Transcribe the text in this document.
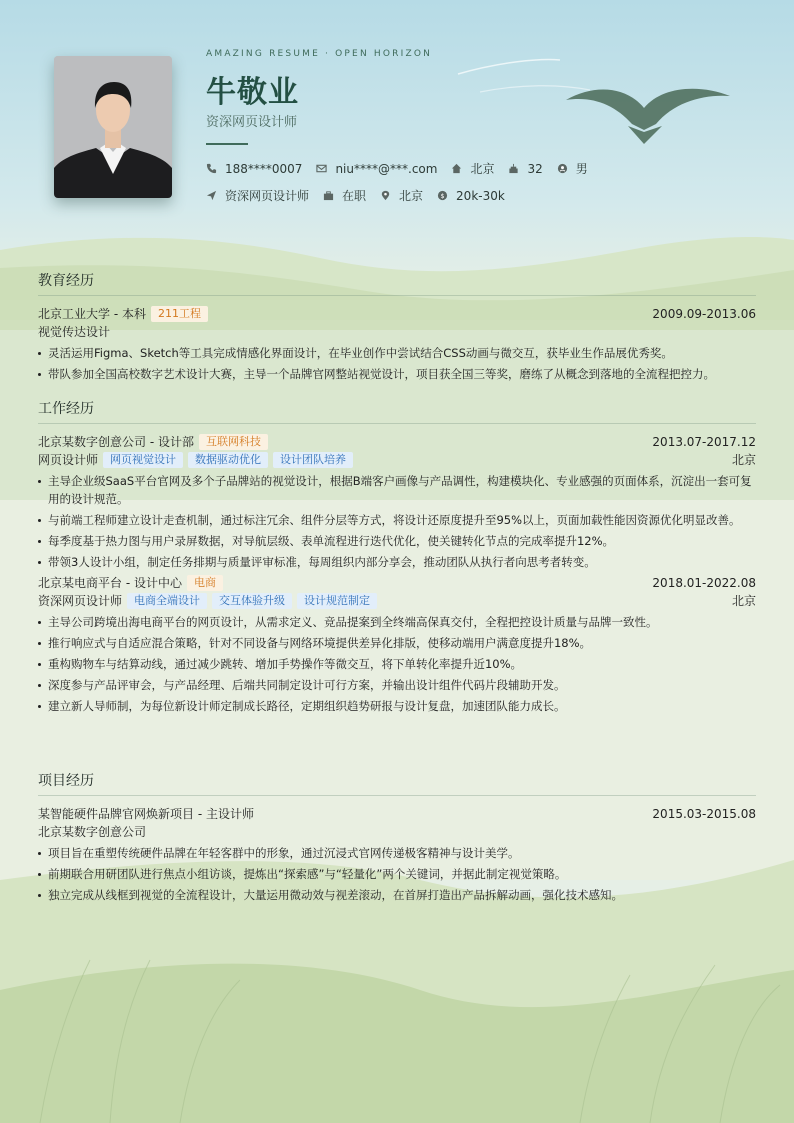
AMAZING RESUME · OPEN HORIZON
牛敬业
资深网页设计师
188****0007	niu****@***.com	北京	32	男
资深网页设计师	在职	北京 $ 20k-30k
教育经历
北京工业大学 - 本科	211工程	2009.09-2013.06
视觉传达设计
灵活运用Figma、Sketch等工具完成情感化界面设计，在毕业创作中尝试结合CSS动画与微交互，获毕业生作品展优秀奖。
带队参加全国高校数字艺术设计大赛，主导一个品牌官网整站视觉设计，项目获全国三等奖，磨练了从概念到落地的全流程把控力。
工作经历
北京某数字创意公司 - 设计部	互联网科技	2013.07-2017.12
网页设计师	网页视觉设计	数据驱动优化	设计团队培养	北京
主导企业级SaaS平台官网及多个子品牌站的视觉设计，根据B端客户画像与产品调性，构建模块化、专业感强的页面体系，沉淀出一套可复用的设计规范。
与前端工程师建立设计走查机制，通过标注冗余、组件分层等方式，将设计还原度提升至95%以上，页面加载性能因资源优化明显改善。
每季度基于热力图与用户录屏数据，对导航层级、表单流程进行迭代优化，使关键转化节点的完成率提升12%。
带领3人设计小组，制定任务排期与质量评审标准，每周组织内部分享会，推动团队从执行者向思考者转变。
北京某电商平台 - 设计中心	电商	2018.01-2022.08
资深网页设计师	电商全端设计	交互体验升级	设计规范制定	北京
主导公司跨境出海电商平台的网页设计，从需求定义、竞品提案到全终端高保真交付，全程把控设计质量与品牌一致性。
推行响应式与自适应混合策略，针对不同设备与网络环境提供差异化排版，使移动端用户满意度提升18%。
重构购物车与结算动线，通过减少跳转、增加手势操作等微交互，将下单转化率提升近10%。
深度参与产品评审会，与产品经理、后端共同制定设计可行方案，并输出设计组件代码片段辅助开发。
建立新人导师制，为每位新设计师定制成长路径，定期组织趋势研报与设计复盘，加速团队能力成长。
项目经历
某智能硬件品牌官网焕新项目 - 主设计师	2015.03-2015.08
北京某数字创意公司
项目旨在重塑传统硬件品牌在年轻客群中的形象，通过沉浸式官网传递极客精神与设计美学。
前期联合用研团队进行焦点小组访谈，提炼出“探索感”与“轻量化”两个关键词，并据此制定视觉策略。
独立完成从线框到视觉的全流程设计，大量运用微动效与视差滚动，在首屏打造出产品拆解动画，强化技术感知。
